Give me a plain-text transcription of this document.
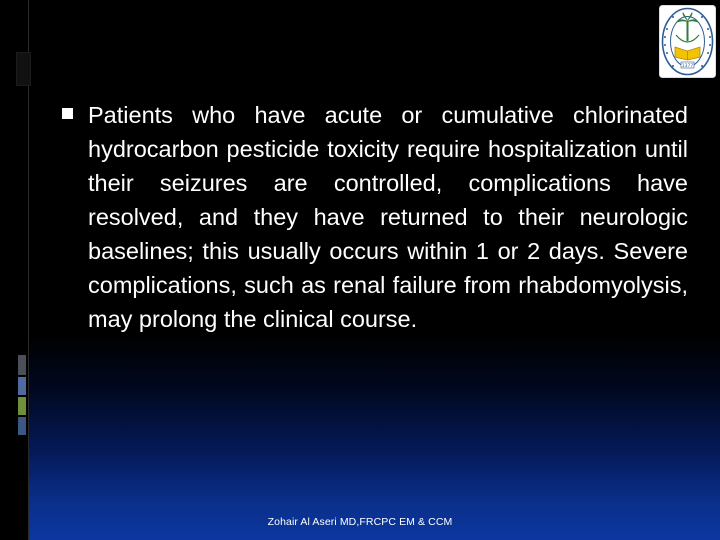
1377

Patients who have acute or cumulative chlorinated hydrocarbon pesticide toxicity require hospitalization until their seizures are controlled, complications have resolved, and they have returned to their neurologic baselines; this usually occurs within 1 or 2 days. Severe complications, such as renal failure from rhabdomyolysis, may prolong the clinical course.

Zohair Al Aseri MD,FRCPC EM & CCM
